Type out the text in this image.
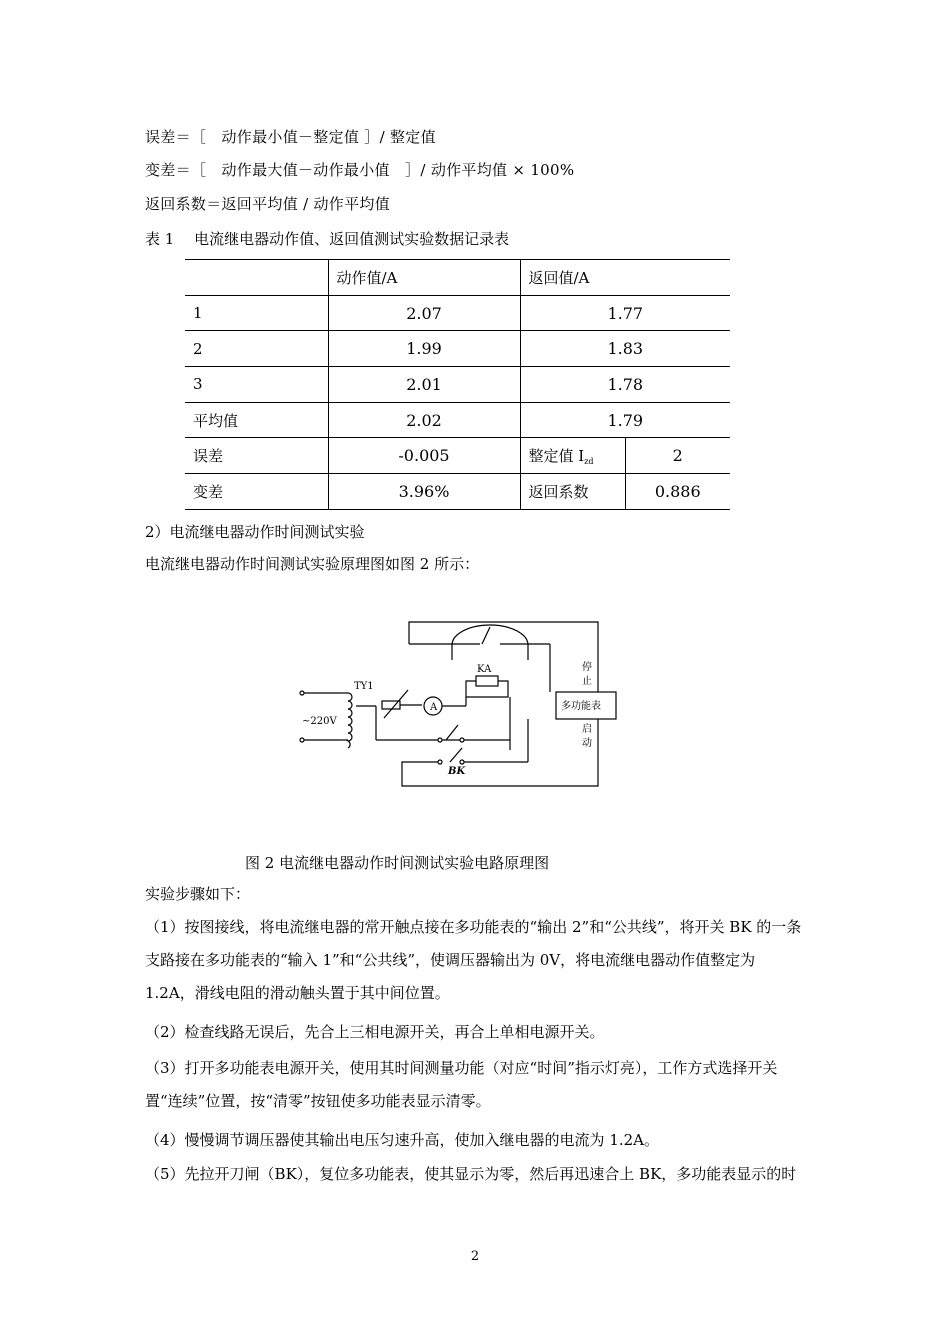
误差＝［　动作最小值－整定值 ］/ 整定值
变差＝［　动作最大值－动作最小值　］/ 动作平均值 × 100%
返回系数＝返回平均值 / 动作平均值
表 1　 电流继电器动作值、返回值测试实验数据记录表
	动作值/A	返回值/A	
1	2.07	1.77	
2	1.99	1.83	
3	2.01	1.78	
平均值	2.02	1.79	
误差	-0.005	整定值 $I_{zd}$	2
变差	3.96%	返回系数	0.886
2）电流继电器动作时间测试实验
电流继电器动作时间测试实验原理图如图 2 所示：
TY1
~220V
A
KA
多功能表
停
止
启
动
BK
图 2 电流继电器动作时间测试实验电路原理图
实验步骤如下：
（1）按图接线，将电流继电器的常开触点接在多功能表的“输出 2”和“公共线”，将开关 BK 的一条支路接在多功能表的“输入 1”和“公共线”，使调压器输出为 0V，将电流继电器动作值整定为 1.2A，滑线电阻的滑动触头置于其中间位置。
（2）检查线路无误后，先合上三相电源开关，再合上单相电源开关。
（3）打开多功能表电源开关，使用其时间测量功能（对应“时间”指示灯亮），工作方式选择开关置“连续”位置，按“清零”按钮使多功能表显示清零。
（4）慢慢调节调压器使其输出电压匀速升高，使加入继电器的电流为 1.2A。
（5）先拉开刀闸（BK），复位多功能表，使其显示为零，然后再迅速合上 BK，多功能表显示的时
2
